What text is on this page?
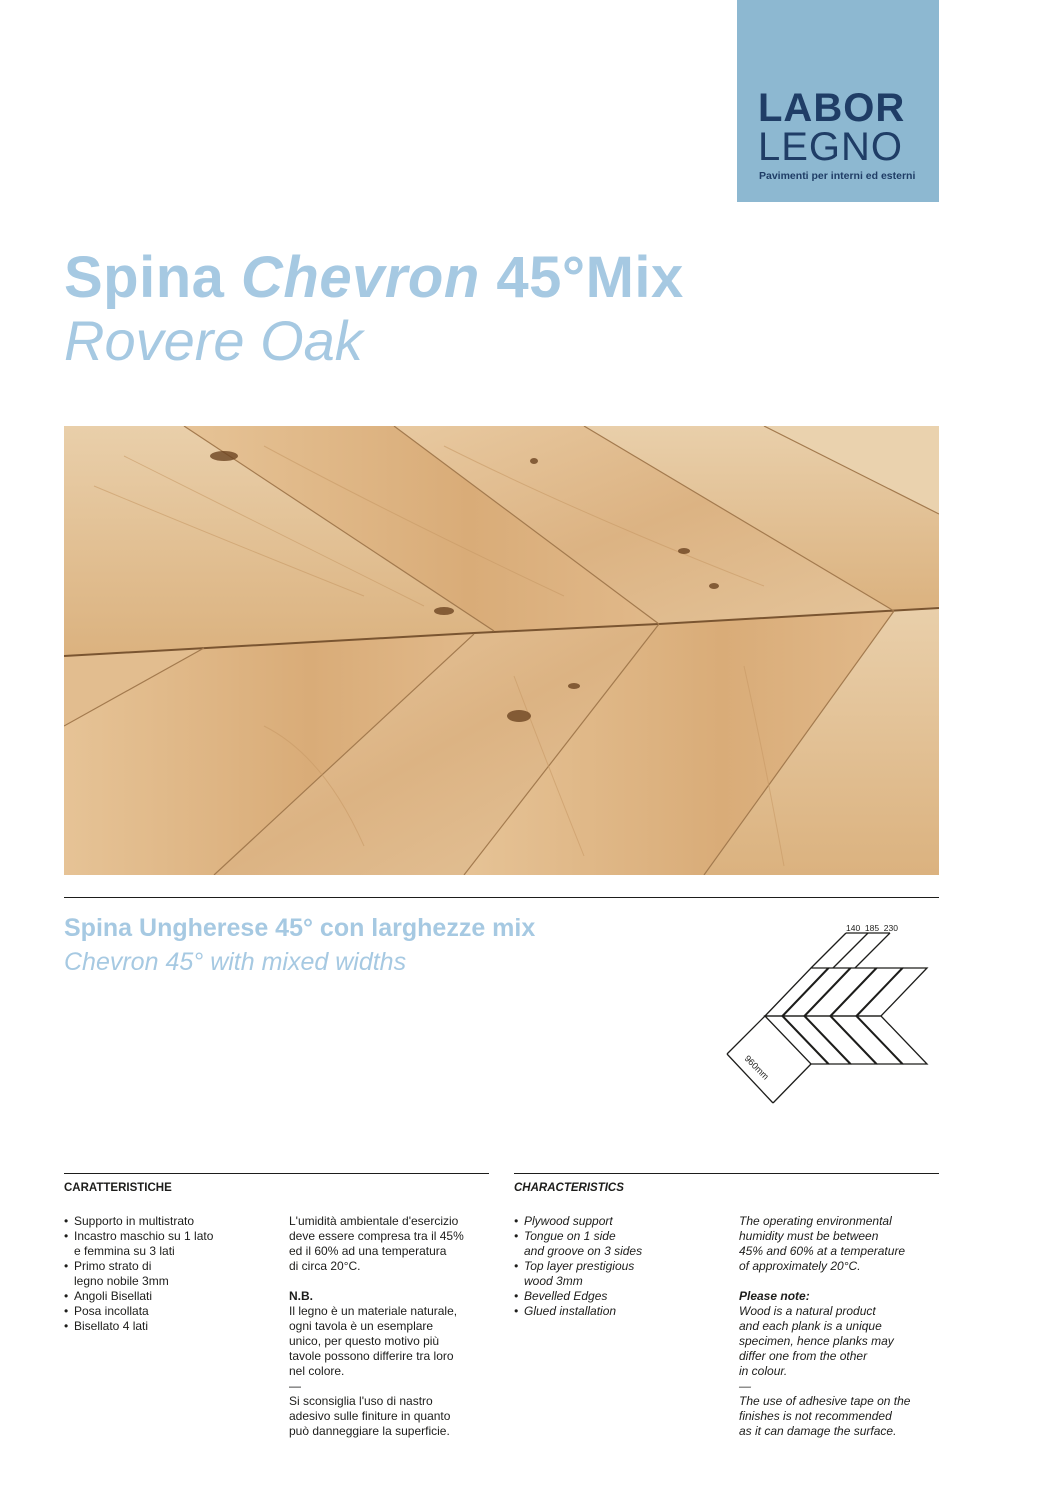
LABOR
LEGNO
Pavimenti per interni ed esterni
Spina Chevron 45°Mix
Rovere Oak
Spina Ungherese 45° con larghezze mix
Chevron 45° with mixed widths
140  185  230
960mm
CARATTERISTICHE
• Supporto in multistrato
• Incastro maschio su 1 lato
e femmina su 3 lati
• Primo strato di
legno nobile 3mm
• Angoli Bisellati
• Posa incollata
• Bisellato 4 lati

L'umidità ambientale d'esercizio
deve essere compresa tra il 45%
ed il 60% ad una temperatura
di circa 20°C.

N.B.

Il legno è un materiale naturale,
ogni tavola è un esemplare
unico, per questo motivo più
tavole possono differire tra loro
nel colore.
—
Si sconsiglia l'uso di nastro
adesivo sulle finiture in quanto
può danneggiare la superficie.

CHARACTERISTICS
• Plywood support
• Tongue on 1 side
and groove on 3 sides
• Top layer prestigious
wood 3mm
• Bevelled Edges
• Glued installation

The operating environmental
humidity must be between
45% and 60% at a temperature
of approximately 20°C.

Please note:

Wood is a natural product
and each plank is a unique
specimen, hence planks may
differ one from the other
in colour.
—
The use of adhesive tape on the
finishes is not recommended
as it can damage the surface.
